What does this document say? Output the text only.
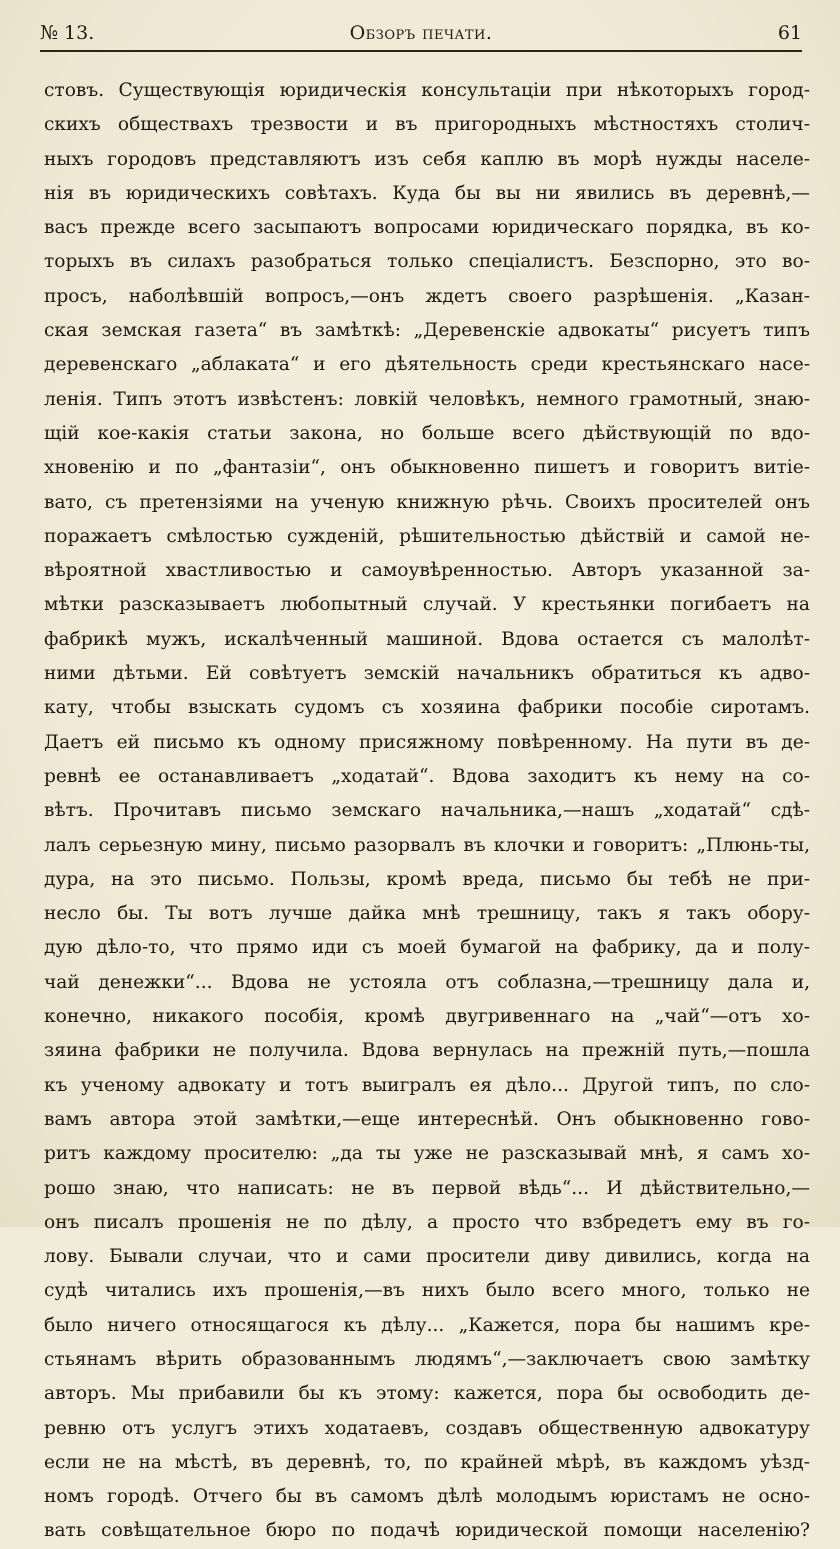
№ 13.	Обзоръ печати.	61
стовъ. Существующія юридическія консультаціи при нѣкоторыхъ город-
скихъ обществахъ трезвости и въ пригородныхъ мѣстностяхъ столич-
ныхъ городовъ представляютъ изъ себя каплю въ морѣ нужды населе-
нія въ юридическихъ совѣтахъ. Куда бы вы ни явились въ деревнѣ,—
васъ прежде всего засыпаютъ вопросами юридическаго порядка, въ ко-
торыхъ въ силахъ разобраться только спеціалистъ. Безспорно, это во-
просъ, наболѣвшій вопросъ,—онъ ждетъ своего разрѣшенія. „Казан-
ская земская газета“ въ замѣткѣ: „Деревенскіе адвокаты“ рисуетъ типъ
деревенскаго „аблаката“ и его дѣятельность среди крестьянскаго насе-
ленія. Типъ этотъ извѣстенъ: ловкій человѣкъ, немного грамотный, знаю-
щій кое-какія статьи закона, но больше всего дѣйствующій по вдо-
хновенію и по „фантазіи“, онъ обыкновенно пишетъ и говоритъ витіе-
вато, съ претензіями на ученую книжную рѣчь. Своихъ просителей онъ
поражаетъ смѣлостью сужденій, рѣшительностью дѣйствій и самой не-
вѣроятной хвастливостью и самоувѣренностью. Авторъ указанной за-
мѣтки разсказываетъ любопытный случай. У крестьянки погибаетъ на
фабрикѣ мужъ, искалѣченный машиной. Вдова остается съ малолѣт-
ними дѣтьми. Ей совѣтуетъ земскій начальникъ обратиться къ адво-
кату, чтобы взыскать судомъ съ хозяина фабрики пособіе сиротамъ.
Даетъ ей письмо къ одному присяжному повѣренному. На пути въ де-
ревнѣ ее останавливаетъ „ходатай“. Вдова заходитъ къ нему на со-
вѣтъ. Прочитавъ письмо земскаго начальника,—нашъ „ходатай“ сдѣ-
лалъ серьезную мину, письмо разорвалъ въ клочки и говоритъ: „Плюнь-ты,
дура, на это письмо. Пользы, кромѣ вреда, письмо бы тебѣ не при-
несло бы. Ты вотъ лучше дайка мнѣ трешницу, такъ я такъ обору-
дую дѣло-то, что прямо иди съ моей бумагой на фабрику, да и полу-
чай денежки“... Вдова не устояла отъ соблазна,—трешницу дала и,
конечно, никакого пособія, кромѣ двугривеннаго на „чай“—отъ хо-
зяина фабрики не получила. Вдова вернулась на прежній путь,—пошла
къ ученому адвокату и тотъ выигралъ ея дѣло... Другой типъ, по сло-
вамъ автора этой замѣтки,—еще интереснѣй. Онъ обыкновенно гово-
ритъ каждому просителю: „да ты уже не разсказывай мнѣ, я самъ хо-
рошо знаю, что написать: не въ первой вѣдь“... И дѣйствительно,—
онъ писалъ прошенія не по дѣлу, а просто что взбредетъ ему въ го-
лову. Бывали случаи, что и сами просители диву дивились, когда на
судѣ читались ихъ прошенія,—въ нихъ было всего много, только не
было ничего относящагося къ дѣлу... „Кажется, пора бы нашимъ кре-
стьянамъ вѣрить образованнымъ людямъ“,—заключаетъ свою замѣтку
авторъ. Мы прибавили бы къ этому: кажется, пора бы освободить де-
ревню отъ услугъ этихъ ходатаевъ, создавъ общественную адвокатуру
если не на мѣстѣ, въ деревнѣ, то, по крайней мѣрѣ, въ каждомъ уѣзд-
номъ городѣ. Отчего бы въ самомъ дѣлѣ молодымъ юристамъ не осно-
вать совѣщательное бюро по подачѣ юридической помощи населенію?
